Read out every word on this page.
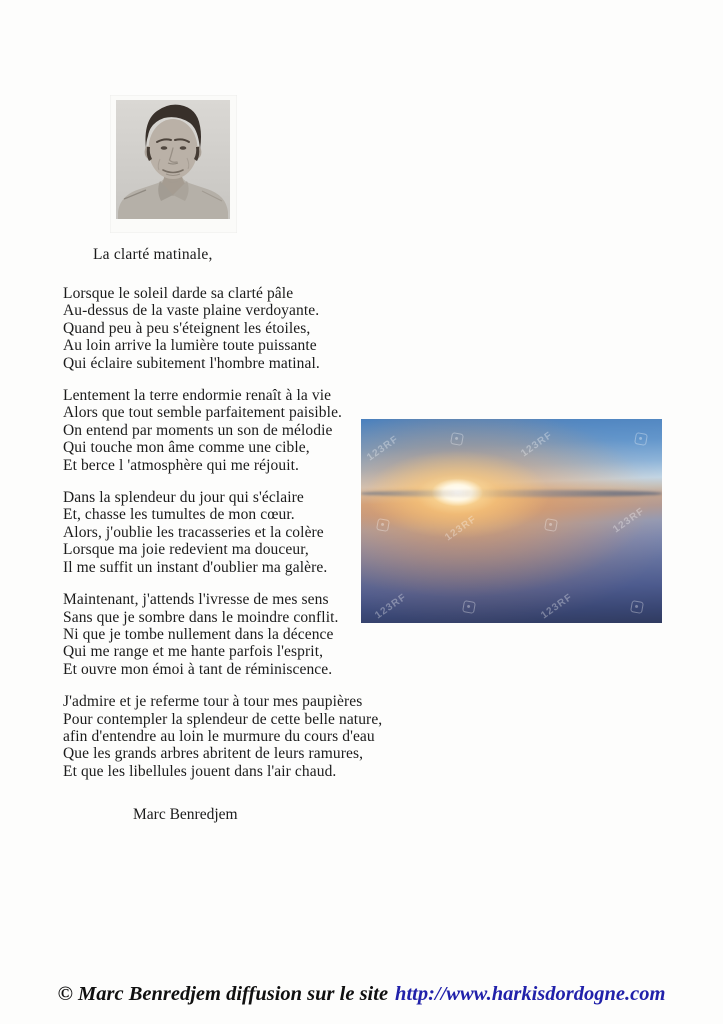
La clarté matinale,

Lorsque le soleil darde sa clarté pâle
Au-dessus de la vaste plaine verdoyante.
Quand peu à peu s'éteignent les étoiles,
Au loin arrive la lumière toute puissante
Qui éclaire subitement l'hombre matinal.

Lentement la terre endormie renaît à la vie
Alors que tout semble parfaitement paisible.
On entend par moments un son de mélodie
Qui touche mon âme comme une cible,
Et berce l 'atmosphère qui me réjouit.

Dans la splendeur du jour qui s'éclaire
Et, chasse les tumultes de mon cœur.
Alors, j'oublie les tracasseries et la colère
Lorsque ma joie redevient ma douceur,
Il me suffit un instant d'oublier ma galère.

Maintenant, j'attends l'ivresse de mes sens
Sans que je sombre dans le moindre conflit.
Ni que je tombe nullement dans la décence
Qui me range et me hante parfois l'esprit,
Et ouvre mon émoi à tant de réminiscence.

J'admire et je referme tour à tour mes paupières
Pour contempler la splendeur de cette belle nature,
afin d'entendre au loin le murmure du cours d'eau
Que les grands arbres abritent de leurs ramures,
Et que les libellules jouent dans l'air chaud.

Marc Benredjem
123RF	123RF
123RF	123RF
123RF	123RF
© Marc Benredjem diffusion sur le site http://www.harkisdordogne.com
